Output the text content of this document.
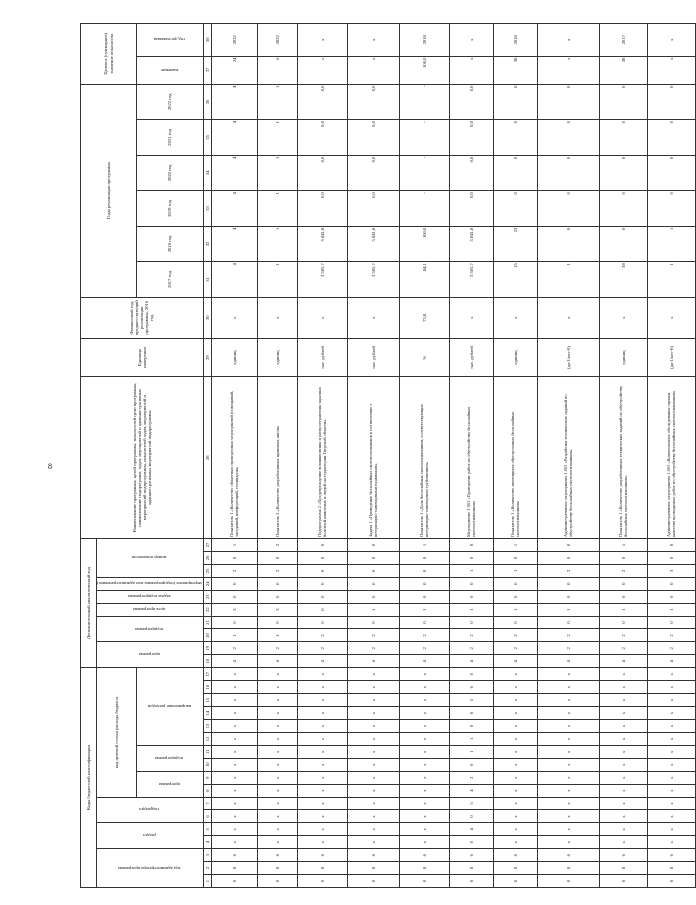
8
Коды бюджетной классификации																	Дополнительный аналитический код										Наименование программы, целей программы, показателей цели программы, наименование подпрограмм, задач, мероприятий и административных мероприятий подпрограммы, показателей задач, мероприятий и административных мероприятий подпрограммы	Единица измерения	Финансовый год, предшествующий реализации программы, 2016 год	Годы реализации программы						Целевое (суммарное) значение показателя	
код администратора программы			раздел		подраздел		код целевой статьи расхода бюджета										программа		подпрограмма		цель программы	задача подпрограммы	мероприятие (подпрограммы или административное)	номер показателя													
							программа		подпрограмма		направление расходов																			2017 год	2018 год	2019 год	2020 год	2021 год	2022 год	значение	год достижения

1	2	3	4	5	6	7	8	9	10	11	12	13	14	15	16	17	18	19	20	21	22	23	24	25	26	27	28	29	30	31	32	33	34	35	36	37	38
0	8	6	x	x	x	x	x	x	x	x	x	x	x	x	x	x	4	2	1	0	3	0	0	2	0	1	Показатель 1 «Количество областных проведенных мероприятий (совещаний, заседаний, конференций, семинаров»	единиц	x	4	4	4	4	4	4	24	2022
0	8	6	x	x	x	x	x	x	x	x	x	x	x	x	x	x	4	2	1	0	3	0	0	2	0	2	Показатель 2 «Количество разработанных правовых актов»	единиц	x	1	1	1	1	1	1	6	2022
0	8	6	x	x	x	x	x	x	x	x	x	x	x	x	x	x	4	2	2	0	0	0	0	0	0	0	Подпрограмма 2 «Предупреждение возникновения и распространения заразных болезней животных и людей на территории Тверской области»	тыс. рублей	x	3 505,7	5 841,8	0,0	0,0	0,0	0,0	x	x
0	8	6	x	x	x	x	x	x	x	x	x	x	x	x	x	x	4	2	2	0	1	0	0	0	0	0	Задача 1 «Приведение бесхозяйных скотомогильников в соответствие с ветеринарно-санитарными правилами»	тыс. рублей	x	3 505,7	5 841,8	0,0	0,0	0,0	0,0	x	x
0	8	6	x	x	x	x	x	x	x	x	x	x	x	x	x	x	4	2	2	0	1	0	0	0	0	1	Показатель 1 «Доля бесхозяйных скотомогильников, соответствующих ветеринарно-санитарным требованиям»	%	73,8	84,1	100,0	-	-	-	-	100,0	2018
0	8	6	0	4	0	5	4	2	0	1	1	0	0	5	6	0	4	2	2	0	1	0	0	1	0	0	Мероприятие 1.001 «Проведение работ по обустройству бесхозяйных скотомогильников»	тыс. рублей	x	3 505,7	5 841,8	0,0	0,0	0,0	0,0	x	x
0	8	6	x	x	x	x	x	x	x	x	x	x	x	x	x	x	4	2	2	0	1	0	0	1	0	1	Показатель 1 «Количество имеющихся обустроенных бесхозяйных скотомогильников»	единиц	x	15	23	0	0	0	0	38	2018
0	8	6	x	x	x	x	x	x	x	x	x	x	x	x	x	x	4	2	2	0	1	0	0	2	0	0	Административное мероприятие 1.002 «Разработка технических заданий по обустройству бесхозяйных скотомогильников»	(да-1/нет-0)	x	1	0	0	0	0	0	x	x
0	8	6	x	x	x	x	x	x	x	x	x	x	x	x	x	x	4	2	2	0	1	0	0	2	0	1	Показатель 1 «Количество разработанных технических заданий по обустройству бесхозяйных скотомогильников»	единиц	x	38	0	0	0	0	0	38	2017
0	8	6	x	x	x	x	x	x	x	x	x	x	x	x	x	x	4	2	2	0	1	0	0	3	0	0	Административное мероприятие 1.003 «Комиссионное обследование оценки качества проводимых работ по обустройству бесхозяйных скотомогильников»	(да-1/нет-0)	x	1	1	0	0	0	0	x	x
